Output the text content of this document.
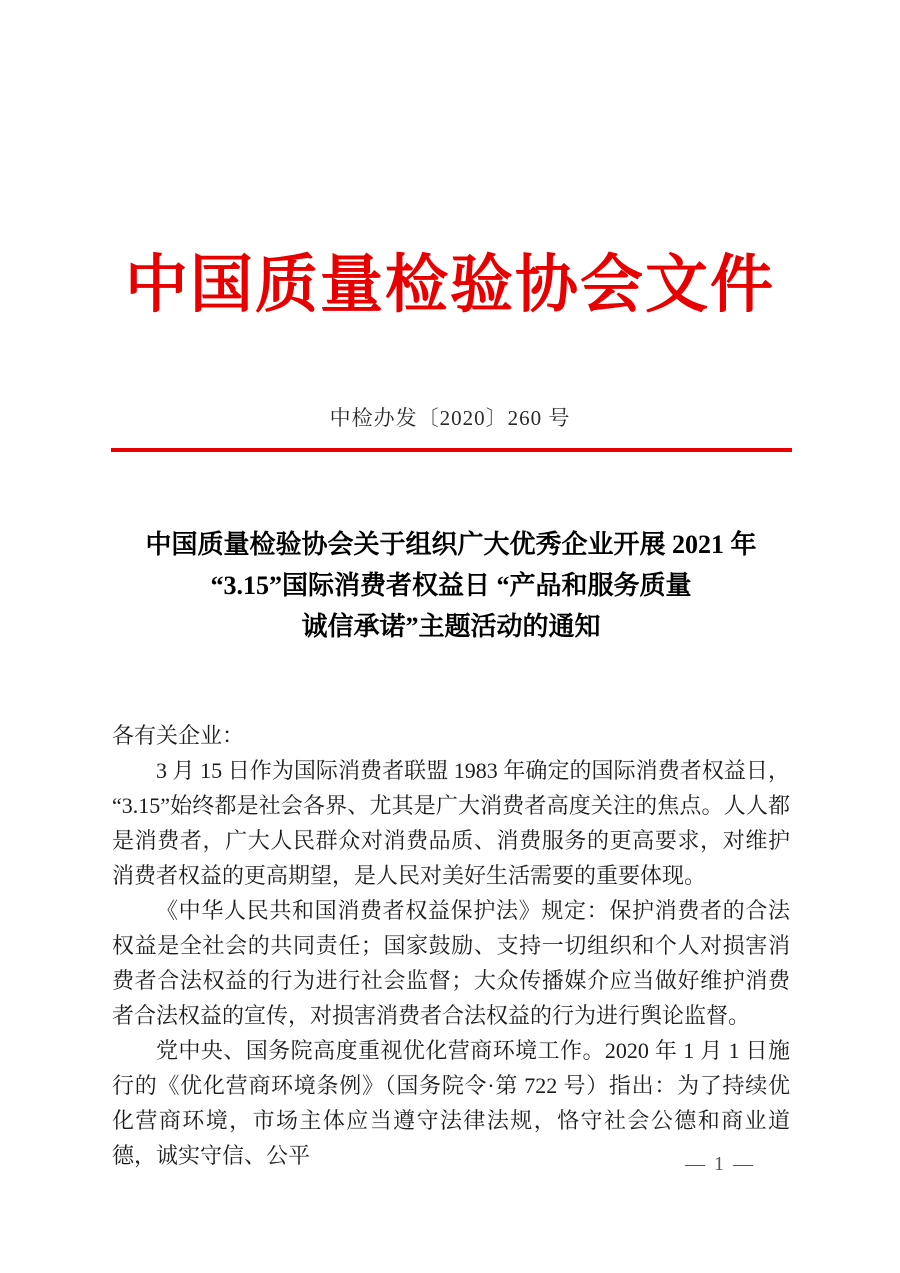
中国质量检验协会文件
中检办发〔2020〕260 号
中国质量检验协会关于组织广大优秀企业开展 2021 年
“3.15”国际消费者权益日 “产品和服务质量
诚信承诺”主题活动的通知

各有关企业：

3 月 15 日作为国际消费者联盟 1983 年确定的国际消费者权益日，“3.15”始终都是社会各界、尤其是广大消费者高度关注的焦点。人人都是消费者，广大人民群众对消费品质、消费服务的更高要求，对维护消费者权益的更高期望，是人民对美好生活需要的重要体现。

《中华人民共和国消费者权益保护法》规定：保护消费者的合法权益是全社会的共同责任；国家鼓励、支持一切组织和个人对损害消费者合法权益的行为进行社会监督；大众传播媒介应当做好维护消费者合法权益的宣传，对损害消费者合法权益的行为进行舆论监督。

党中央、国务院高度重视优化营商环境工作。2020 年 1 月 1 日施行的《优化营商环境条例》（国务院令·第 722 号）指出：为了持续优化营商环境，市场主体应当遵守法律法规，恪守社会公德和商业道德，诚实守信、公平	— 1 —
